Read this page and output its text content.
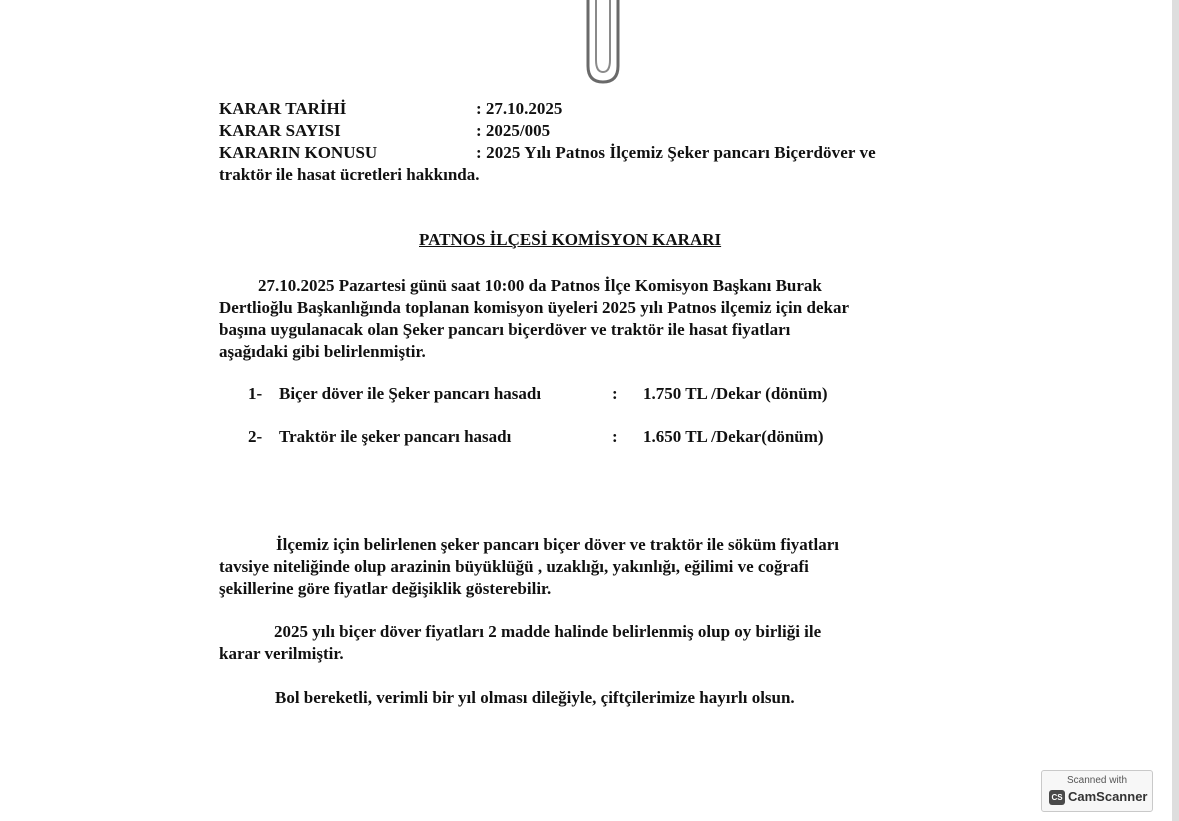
KARAR TARİHİ	: 27.10.2025
KARAR SAYISI	: 2025/005
KARARIN KONUSU	: 2025 Yılı Patnos İlçemiz Şeker pancarı Biçerdöver ve
traktör ile hasat ücretleri hakkında.
PATNOS İLÇESİ KOMİSYON KARARI
27.10.2025 Pazartesi günü saat 10:00 da Patnos İlçe Komisyon Başkanı Burak
Dertlioğlu Başkanlığında toplanan komisyon üyeleri 2025 yılı Patnos ilçemiz için dekar
başına uygulanacak olan Şeker pancarı biçerdöver ve traktör ile hasat fiyatları
aşağıdaki gibi belirlenmiştir.
1- Biçer döver ile Şeker pancarı hasadı	: 1.750 TL /Dekar (dönüm)
2- Traktör ile şeker pancarı hasadı	: 1.650 TL /Dekar(dönüm)
İlçemiz için belirlenen şeker pancarı biçer döver ve traktör ile söküm fiyatları
tavsiye niteliğinde olup arazinin büyüklüğü , uzaklığı, yakınlığı, eğilimi ve coğrafi
şekillerine göre fiyatlar değişiklik gösterebilir.
2025 yılı biçer döver fiyatları 2 madde halinde belirlenmiş olup oy birliği ile
karar verilmiştir.
Bol bereketli, verimli bir yıl olması dileğiyle, çiftçilerimize hayırlı olsun.
Scanned with
CS CamScanner
